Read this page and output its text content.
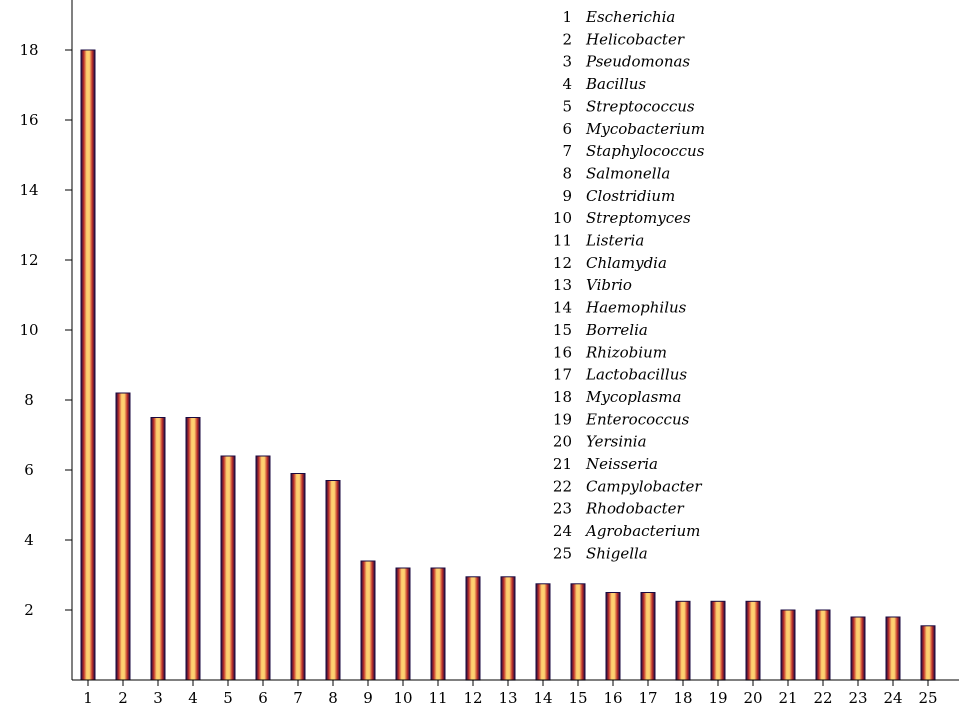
2
4
6
8
10
12
14
16
18
1 2 3 4 5 6 7 8 9 10 11 12 13 14 15 16 17 18 19 20 21 22 23 24 25
1 Escherichia
2 Helicobacter
3 Pseudomonas
4 Bacillus
5 Streptococcus
6 Mycobacterium
7 Staphylococcus
8 Salmonella
9 Clostridium
10 Streptomyces
11 Listeria
12 Chlamydia
13 Vibrio
14 Haemophilus
15 Borrelia
16 Rhizobium
17 Lactobacillus
18 Mycoplasma
19 Enterococcus
20 Yersinia
21 Neisseria
22 Campylobacter
23 Rhodobacter
24 Agrobacterium
25 Shigella
